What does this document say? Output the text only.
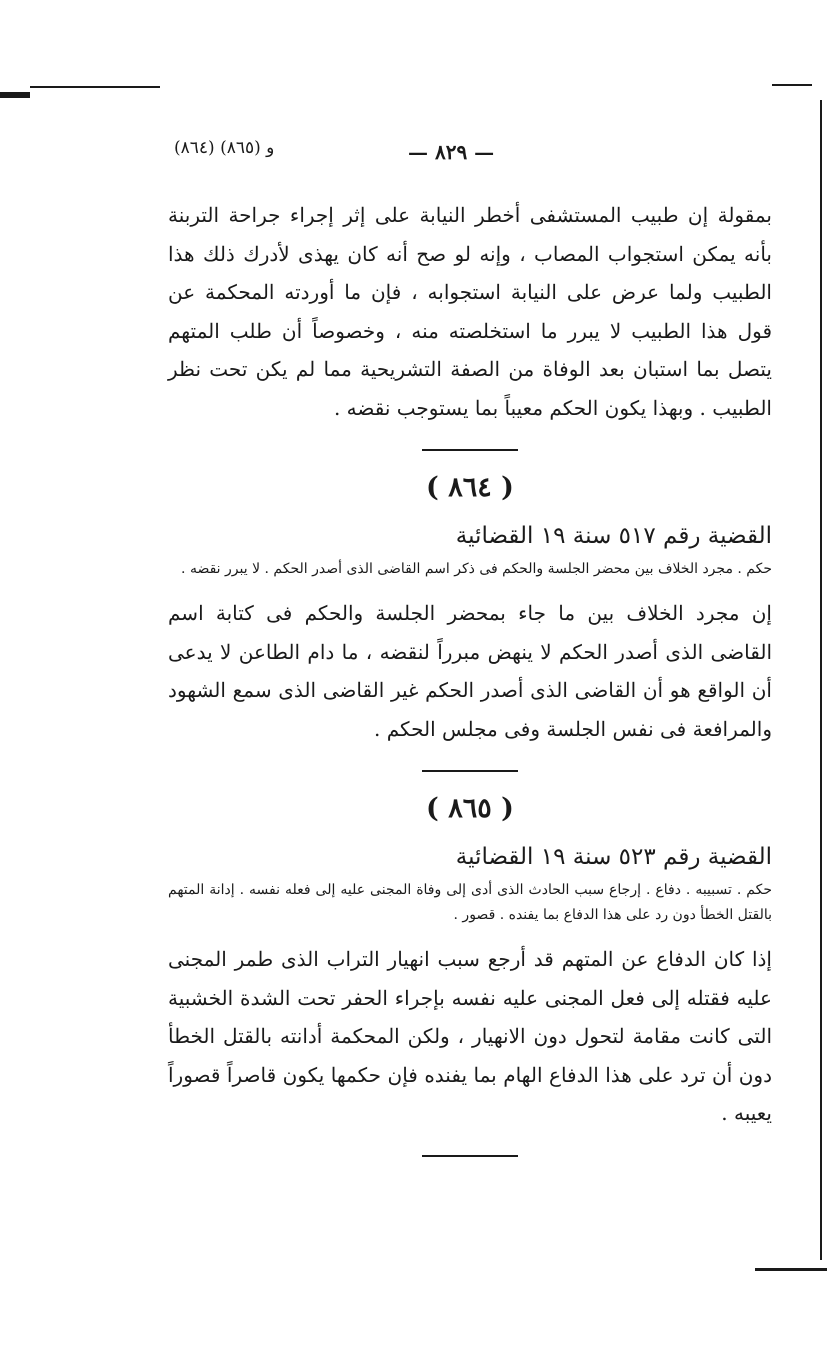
(٨٦٤) و (٨٦٥)	— ٨٢٩ —

بمقولة إن طبيب المستشفى أخطر النيابة على إثر إجراء جراحة التربنة بأنه يمكن استجواب المصاب ، وإنه لو صح أنه كان يهذى لأدرك ذلك هذا الطبيب ولما عرض على النيابة استجوابه ، فإن ما أوردته المحكمة عن قول هذا الطبيب لا يبرر ما استخلصته منه ، وخصوصاً أن طلب المتهم يتصل بما استبان بعد الوفاة من الصفة التشريحية مما لم يكن تحت نظر الطبيب . وبهذا يكون الحكم معيباً بما يستوجب نقضه .

( ٨٦٤ )
القضية رقم ٥١٧ سنة ١٩ القضائية
حكم . مجرد الخلاف بين محضر الجلسة والحكم فى ذكر اسم القاضى الذى أصدر الحكم . لا يبرر نقضه .

إن مجرد الخلاف بين ما جاء بمحضر الجلسة والحكم فى كتابة اسم القاضى الذى أصدر الحكم لا ينهض مبرراً لنقضه ، ما دام الطاعن لا يدعى أن الواقع هو أن القاضى الذى أصدر الحكم غير القاضى الذى سمع الشهود والمرافعة فى نفس الجلسة وفى مجلس الحكم .

( ٨٦٥ )
القضية رقم ٥٢٣ سنة ١٩ القضائية
حكم . تسبيبه . دفاع . إرجاع سبب الحادث الذى أدى إلى وفاة المجنى عليه إلى فعله نفسه . إدانة المتهم بالقتل الخطأ دون رد على هذا الدفاع بما يفنده . قصور .

إذا كان الدفاع عن المتهم قد أرجع سبب انهيار التراب الذى طمر المجنى عليه فقتله إلى فعل المجنى عليه نفسه بإجراء الحفر تحت الشدة الخشبية التى كانت مقامة لتحول دون الانهيار ، ولكن المحكمة أدانته بالقتل الخطأ دون أن ترد على هذا الدفاع الهام بما يفنده فإن حكمها يكون قاصراً قصوراً يعيبه .
